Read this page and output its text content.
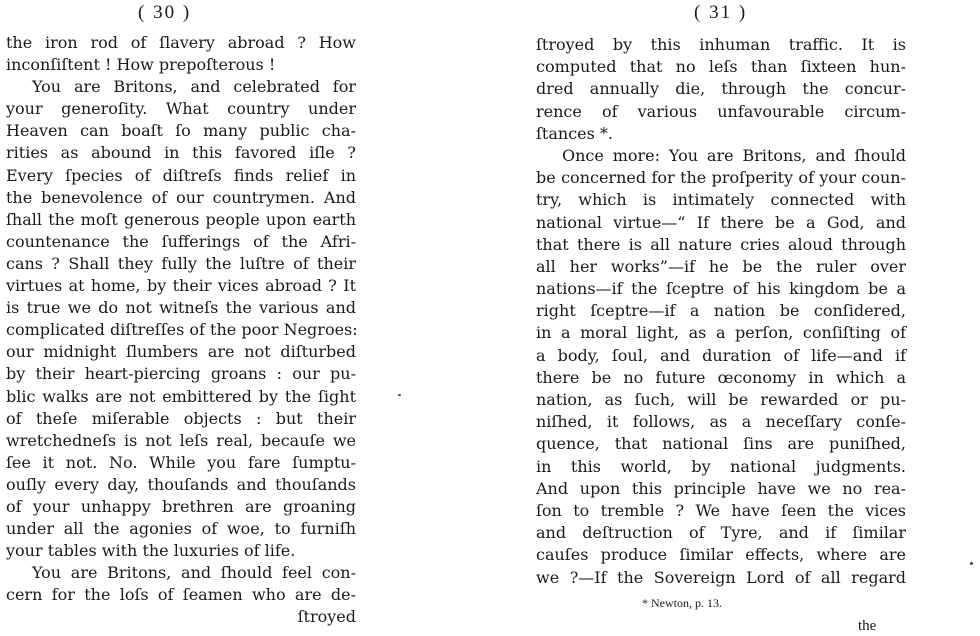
( 30 )
the iron rod of ſlavery abroad ? How
inconſiſtent ! How prepoſterous !
You are Britons, and celebrated for
your generoſity. What country under
Heaven can boaſt ſo many public cha-
rities as abound in this favored iſle ?
Every ſpecies of diſtreſs finds relief in
the benevolence of our countrymen. And
ſhall the moſt generous people upon earth
countenance the ſufferings of the Afri-
cans ? Shall they fully the luſtre of their
virtues at home, by their vices abroad ? It
is true we do not witneſs the various and
complicated diſtreſſes of the poor Negroes:
our midnight ſlumbers are not diſturbed
by their heart-piercing groans : our pu-
blic walks are not embittered by the ſight
of theſe miſerable objects : but their
wretchedneſs is not leſs real, becauſe we
ſee it not. No. While you fare ſumptu-
ouſly every day, thouſands and thouſands
of your unhappy brethren are groaning
under all the agonies of woe, to furniſh
your tables with the luxuries of life.
You are Britons, and ſhould feel con-
cern for the loſs of ſeamen who are de-
ſtroyed
( 31 )
ſtroyed by this inhuman traffic. It is
computed that no leſs than ſixteen hun-
dred annually die, through the concur-
rence of various unfavourable circum-
ſtances *.
Once more: You are Britons, and ſhould
be concerned for the proſperity of your coun-
try, which is intimately connected with
national virtue—“ If there be a God, and
that there is all nature cries aloud through
all her works”—if he be the ruler over
nations—if the ſceptre of his kingdom be a
right ſceptre—if a nation be conſidered,
in a moral light, as a perſon, conſiſting of
a body, ſoul, and duration of life—and if
there be no future œconomy in which a
nation, as ſuch, will be rewarded or pu-
niſhed, it follows, as a neceſſary conſe-
quence, that national ſins are puniſhed,
in this world, by national judgments.
And upon this principle have we no rea-
ſon to tremble ? We have ſeen the vices
and deſtruction of Tyre, and if ſimilar
cauſes produce ſimilar effects, where are
we ?—If the Sovereign Lord of all regard
* Newton, p. 13.
the
